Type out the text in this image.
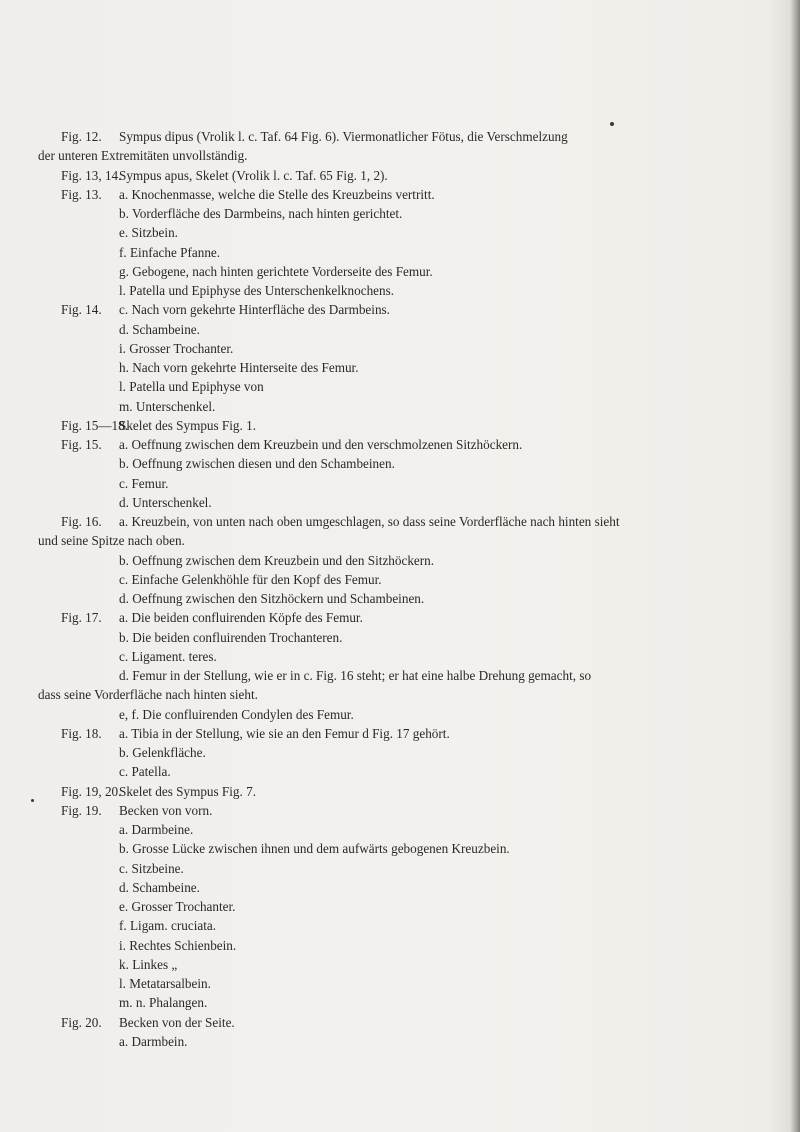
Fig. 12. Sympus dipus (Vrolik l. c. Taf. 64 Fig. 6). Viermonatlicher Fötus, die Verschmelzung
der unteren Extremitäten unvollständig.
Fig. 13, 14.Sympus apus, Skelet (Vrolik l. c. Taf. 65 Fig. 1, 2).
Fig. 13. a. Knochenmasse, welche die Stelle des Kreuzbeins vertritt.
b. Vorderfläche des Darmbeins, nach hinten gerichtet.
e. Sitzbein.
f. Einfache Pfanne.
g. Gebogene, nach hinten gerichtete Vorderseite des Femur.
l. Patella und Epiphyse des Unterschenkelknochens.
Fig. 14. c. Nach vorn gekehrte Hinterfläche des Darmbeins.
d. Schambeine.
i. Grosser Trochanter.
h. Nach vorn gekehrte Hinterseite des Femur.
l. Patella und Epiphyse von
m. Unterschenkel.
Fig. 15—18.Skelet des Sympus Fig. 1.
Fig. 15. a. Oeffnung zwischen dem Kreuzbein und den verschmolzenen Sitzhöckern.
b. Oeffnung zwischen diesen und den Schambeinen.
c. Femur.
d. Unterschenkel.
Fig. 16. a. Kreuzbein, von unten nach oben umgeschlagen, so dass seine Vorderfläche nach hinten sieht
und seine Spitze nach oben.
b. Oeffnung zwischen dem Kreuzbein und den Sitzhöckern.
c. Einfache Gelenkhöhle für den Kopf des Femur.
d. Oeffnung zwischen den Sitzhöckern und Schambeinen.
Fig. 17. a. Die beiden confluirenden Köpfe des Femur.
b. Die beiden confluirenden Trochanteren.
c. Ligament. teres.
d. Femur in der Stellung, wie er in c. Fig. 16 steht; er hat eine halbe Drehung gemacht, so
dass seine Vorderfläche nach hinten sieht.
e, f. Die confluirenden Condylen des Femur.
Fig. 18. a. Tibia in der Stellung, wie sie an den Femur d Fig. 17 gehört.
b. Gelenkfläche.
c. Patella.
Fig. 19, 20.Skelet des Sympus Fig. 7.
Fig. 19. Becken von vorn.
a. Darmbeine.
b. Grosse Lücke zwischen ihnen und dem aufwärts gebogenen Kreuzbein.
c. Sitzbeine.
d. Schambeine.
e. Grosser Trochanter.
f. Ligam. cruciata.
i. Rechtes Schienbein.
k. Linkes „
l. Metatarsalbein.
m. n. Phalangen.
Fig. 20. Becken von der Seite.
a. Darmbein.
